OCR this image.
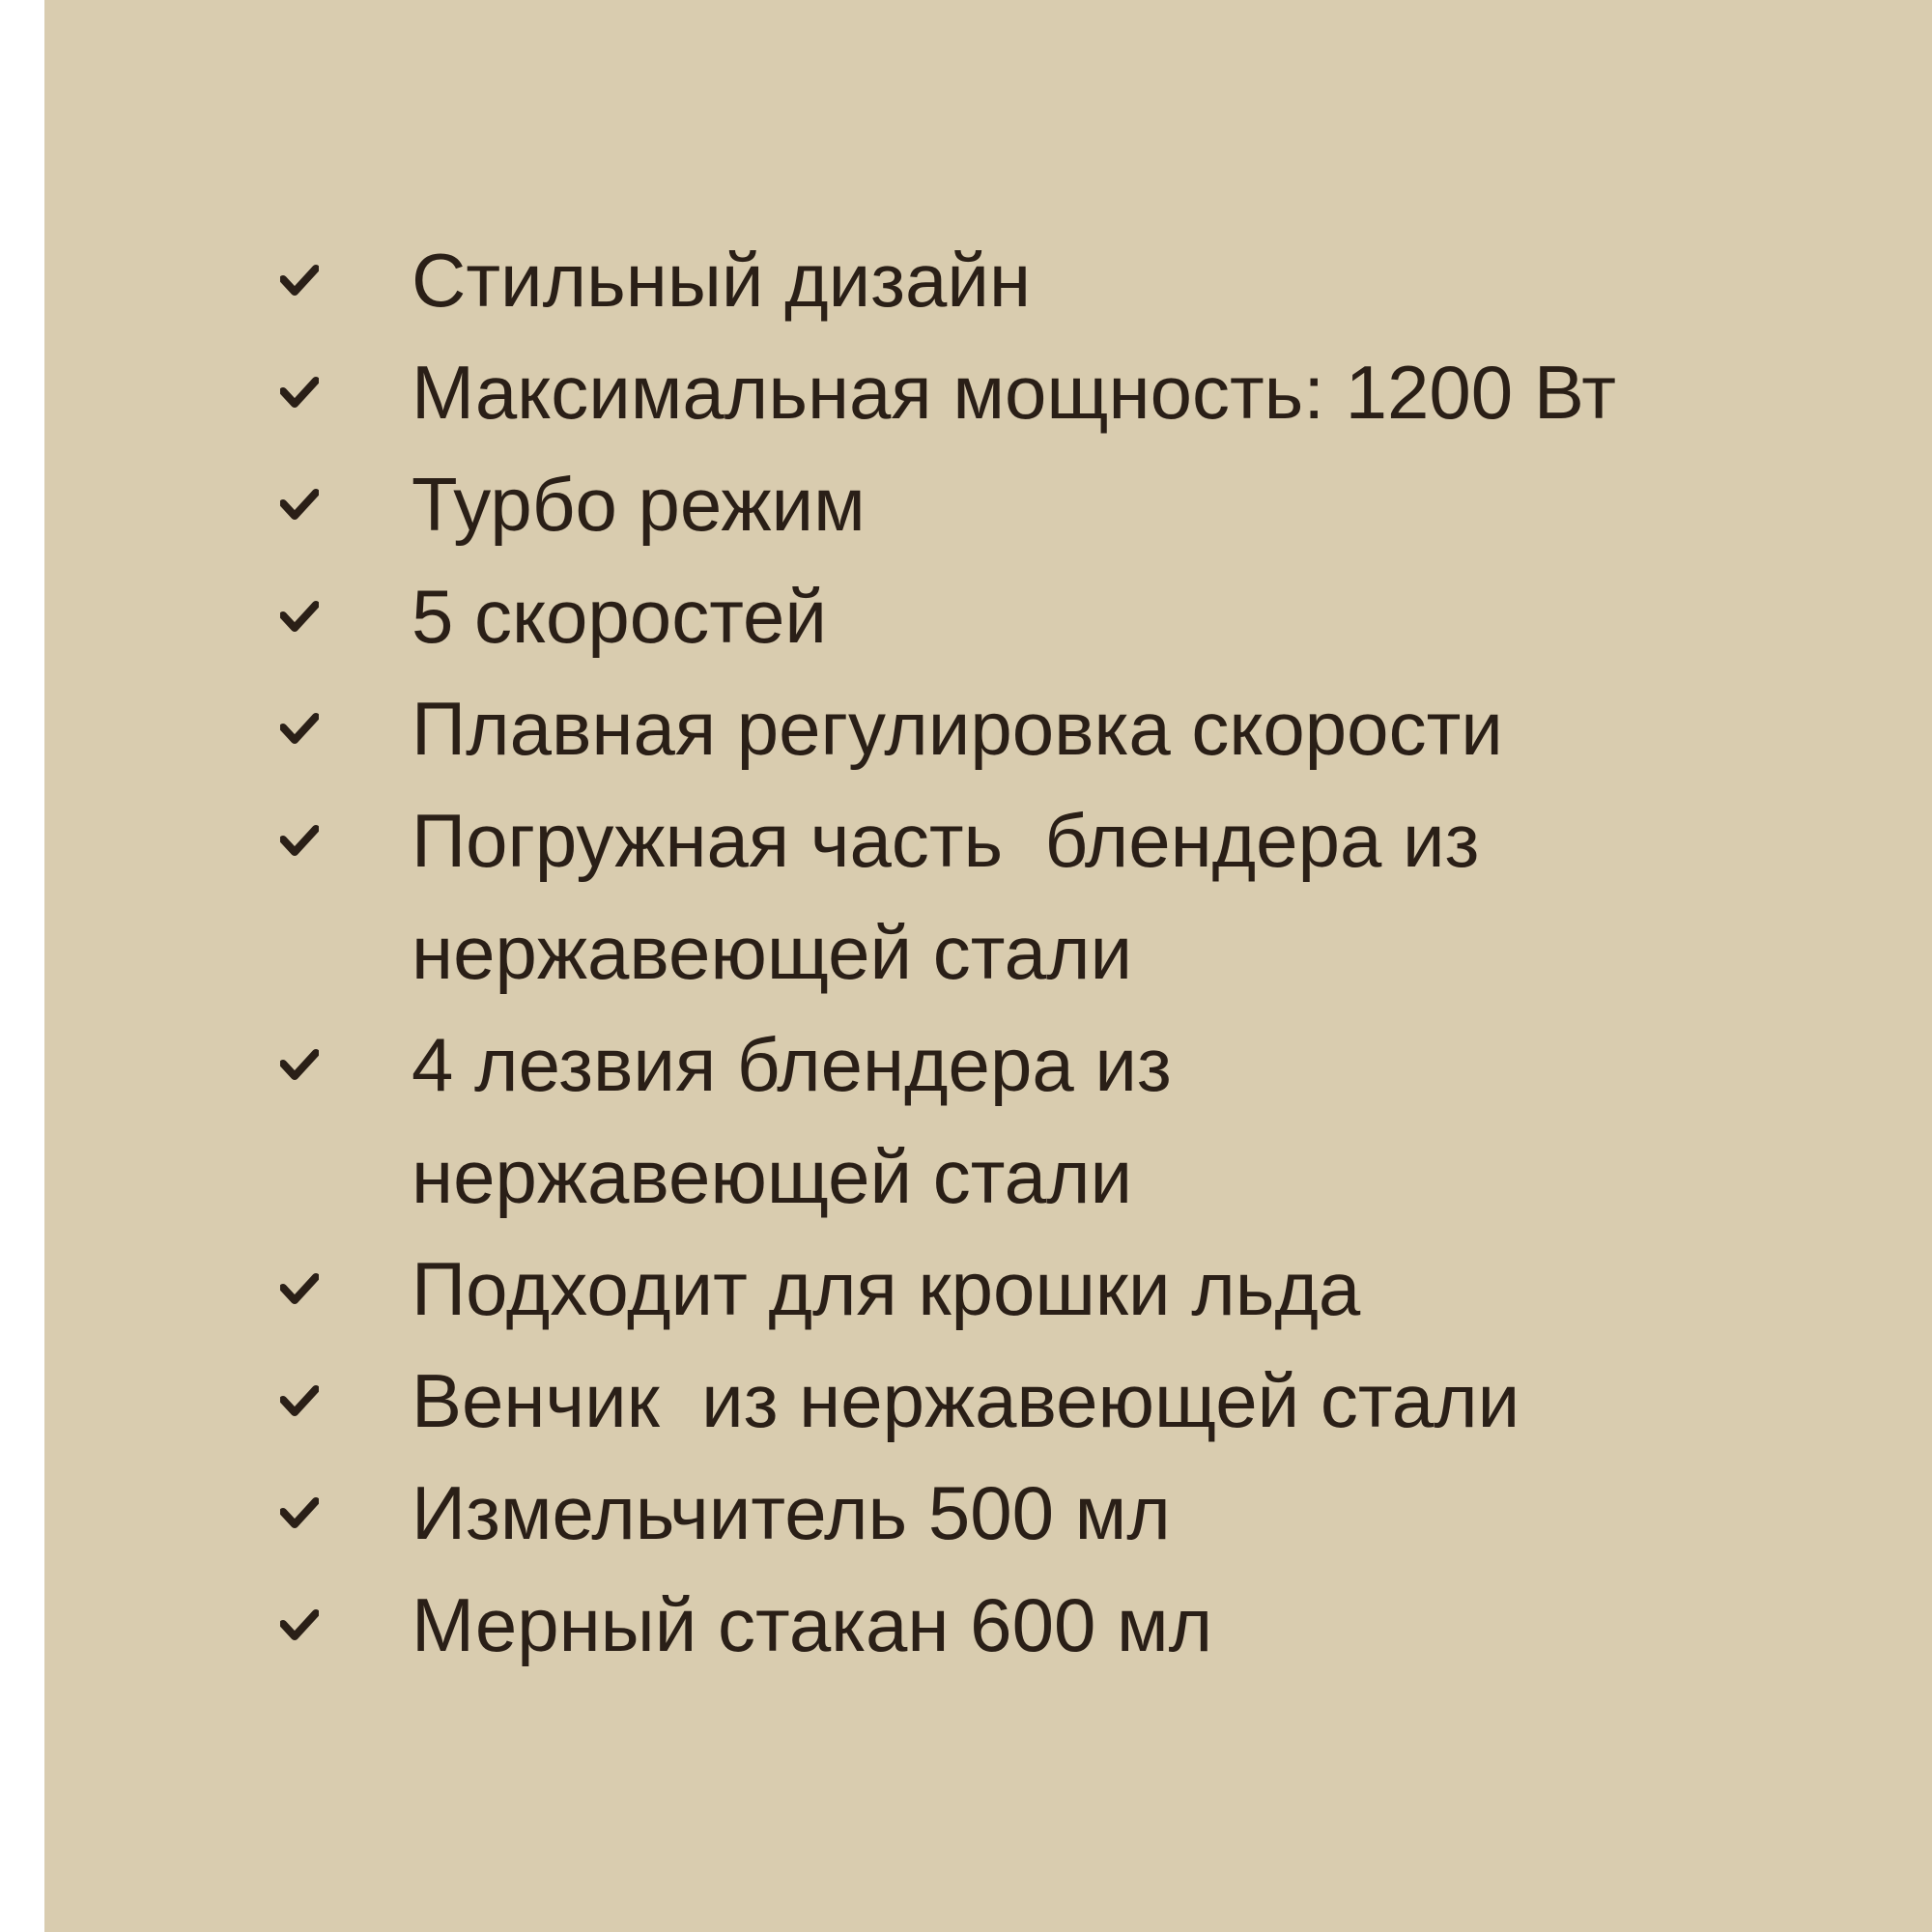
Стильный дизайн
Максимальная мощность: 1200 Вт
Турбо режим
5 скоростей
Плавная регулировка скорости
Погружная часть  блендера из
нержавеющей стали
4 лезвия блендера из
нержавеющей стали
Подходит для крошки льда
Венчик  из нержавеющей стали
Измельчитель 500 мл
Мерный стакан 600 мл
